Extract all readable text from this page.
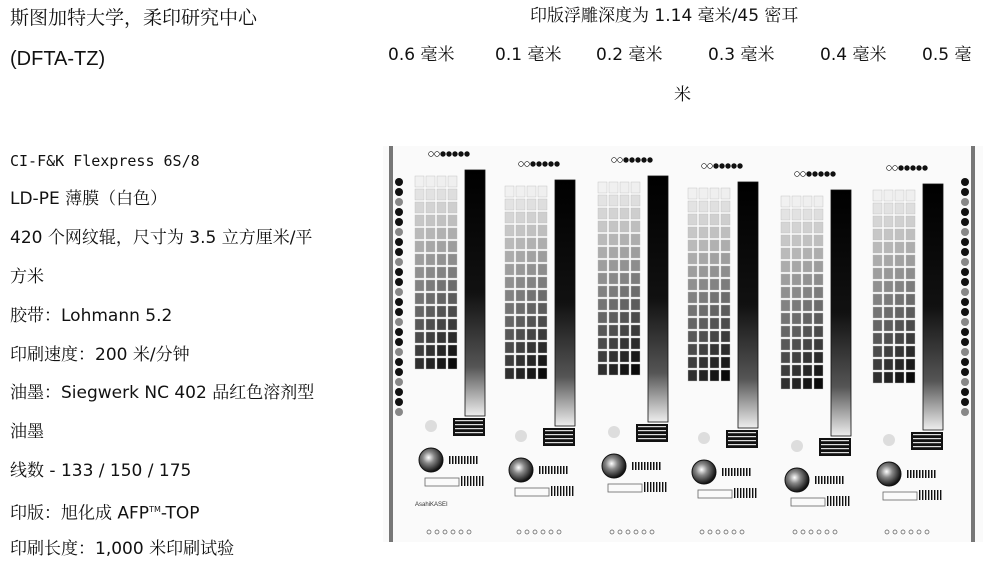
斯图加特大学，柔印研究中心
(DFTA-TZ)
CI-F&K Flexpress 6S/8
LD-PE 薄膜（白色）
420 个网纹辊，尺寸为 3.5 立方厘米/平
方米
胶带：Lohmann 5.2
印刷速度：200 米/分钟
油墨：Siegwerk NC 402 品红色溶剂型
油墨
线数 - 133 / 150 / 175
印版：旭化成 AFP™-TOP
印刷长度：1,000 米印刷试验
印版浮雕深度为 1.14 毫米/45 密耳
0.6 毫米 0.1 毫米 0.2 毫米	0.3 毫米	0.4 毫米 0.5 毫
米
AsahiKASEI
